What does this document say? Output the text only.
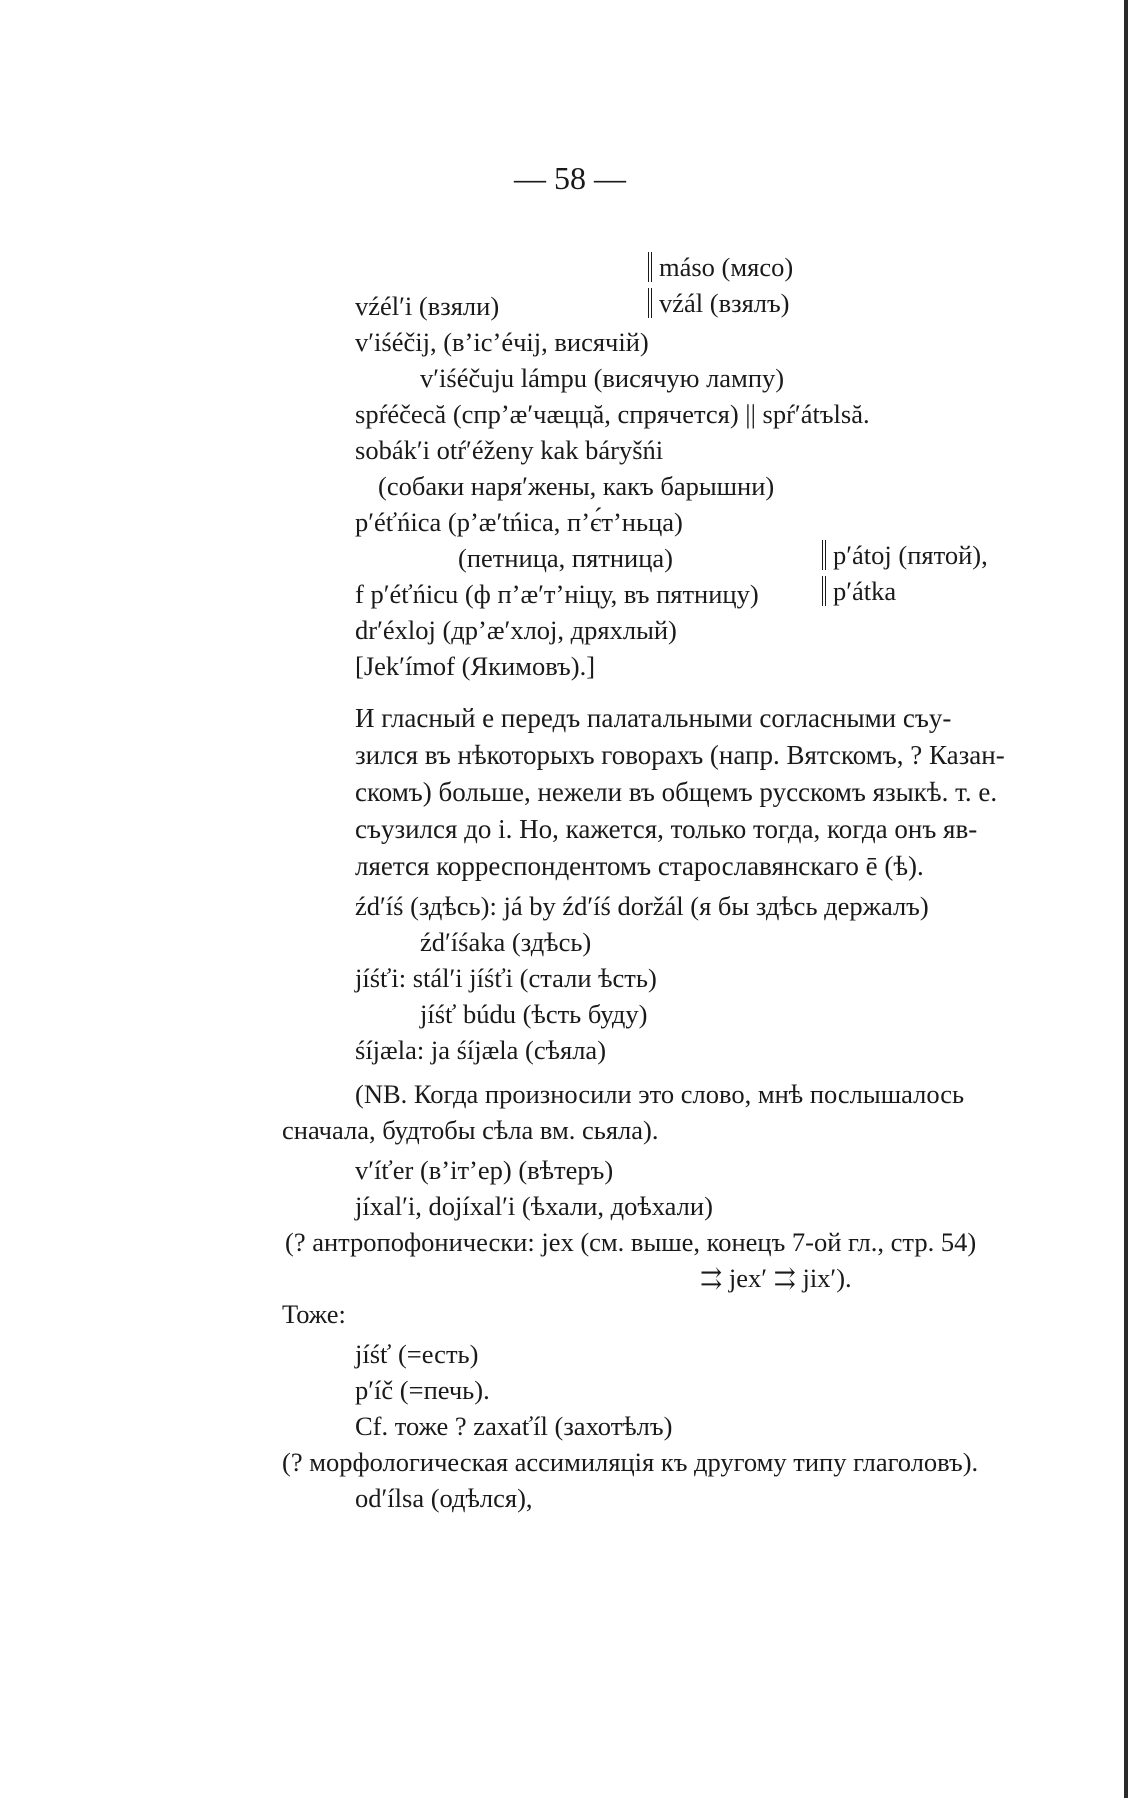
— 58 —
máso (мясо)
vźél′i (взяли)	vźál (взялъ)
v′iśéčij, (в’іс’éчіј, висячій)
v′iśéčuju lámpu (висячую лампу)
spŕéčeсă (спр’æ′чæццă, спрячется) || spŕ′átъlsă.
sobák′i otŕ′éženy kak báryšńi
(собаки наря′жены, какъ барышни)
p′éťńica (р’æ′tńica, п’є́т’ньца)
(петница, пятница)	p′átoj (пятой),
f p′éťńicu (ф п’æ′т’ніцу, въ пятницу)	p′átka
dr′éxloj (др’æ′хлој, дряхлый)
[Jek′ímof (Якимовъ).]
И гласный е передъ палатальными согласными съу-
зился въ нѣкоторыхъ говорахъ (напр. Вятскомъ, ? Казан-
скомъ) больше, нежели въ общемъ русскомъ языкѣ. т. е.
съузился до і. Но, кажется, только тогда, когда онъ яв-
ляется корреспондентомъ старославянскаго ē (ѣ).
źd′íś (здѣсь): já by źd′íś doržál (я бы здѣсь держалъ)
źd′íśaka (здѣсь)
jíśťi: stál′i jíśťi (стали ѣсть)
jíśť búdu (ѣсть буду)
śíjæla: ja śíjæla (сѣяла)
(NB. Когда произносили это слово, мнѣ послышалось
сначала, будтобы сѣла вм. сьяла).
v′íťer (в’іт’ер) (вѣтеръ)
jíxal′i, dojíxal′i (ѣхали, доѣхали)
(? антропофонически: jex (см. выше, конецъ 7-ой гл., стр. 54)
⇉ jex′ ⇉ jix′).
Тоже:
jíśť (=есть)
p′íč (=печь).
Cf. тоже ? zaxaťíl (захотѣлъ)
(? морфологическая ассимиляція къ другому типу глаголовъ).
od′ílsa (одѣлся),
